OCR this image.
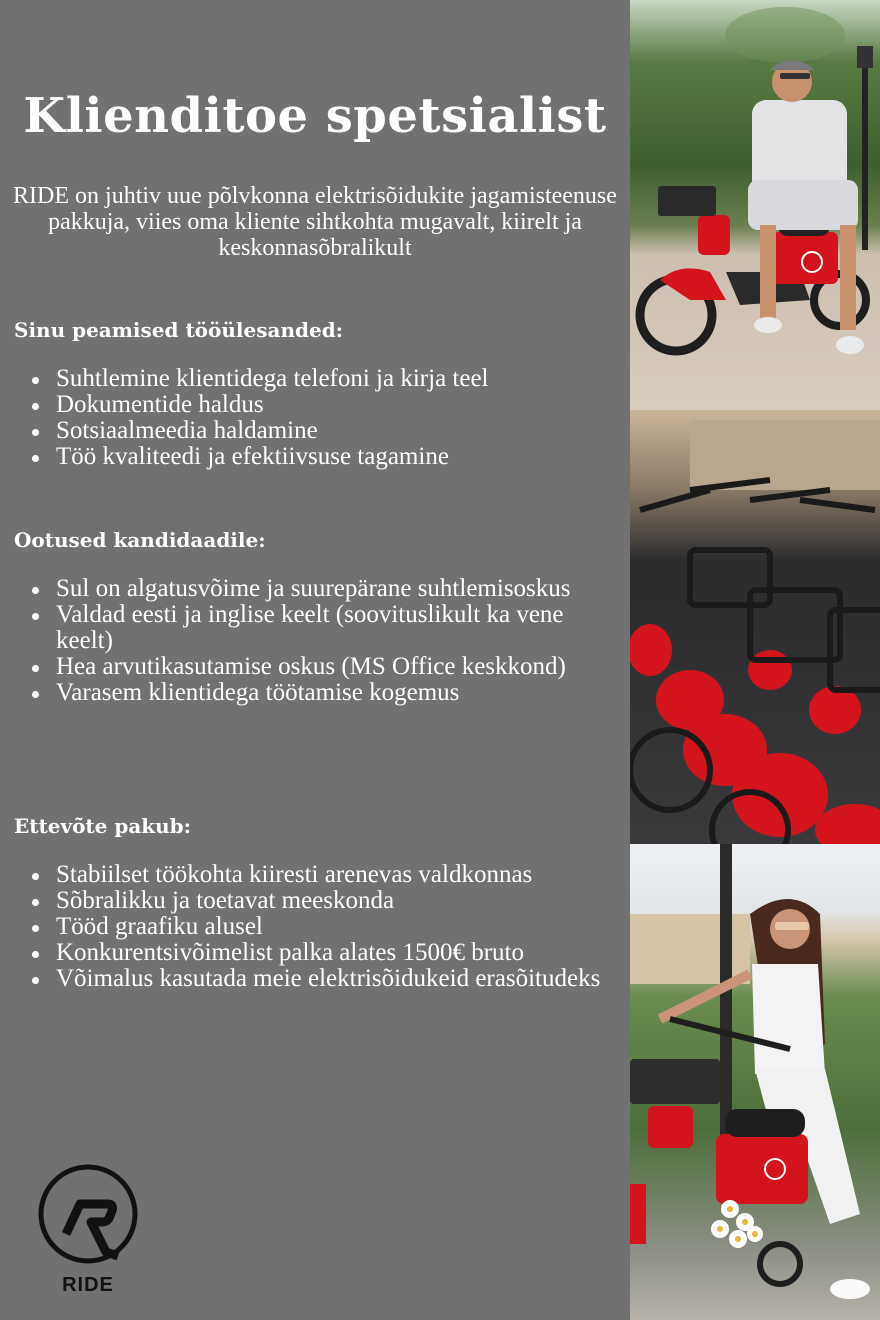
Klienditoe spetsialist

RIDE on juhtiv uue põlvkonna elektrisõidukite jagamisteenuse pakkuja, viies oma kliente sihtkohta mugavalt, kiirelt ja keskonnasõbralikult

Sinu peamised tööülesanded:
Suhtlemine klientidega telefoni ja kirja teel
Dokumentide haldus
Sotsiaalmeedia haldamine
Töö kvaliteedi ja efektiivsuse tagamine
Ootused kandidaadile:
Sul on algatusvõime ja suurepärane suhtlemisoskus
Valdad eesti ja inglise keelt (soovituslikult ka vene keelt)
Hea arvutikasutamise oskus (MS Office keskkond)
Varasem klientidega töötamise kogemus
Ettevõte pakub:
Stabiilset töökohta kiiresti arenevas valdkonnas
Sõbralikku ja toetavat meeskonda
Tööd graafiku alusel
Konkurentsivõimelist palka alates 1500€ bruto
Võimalus kasutada meie elektrisõidukeid erasõitudeks
RIDE
